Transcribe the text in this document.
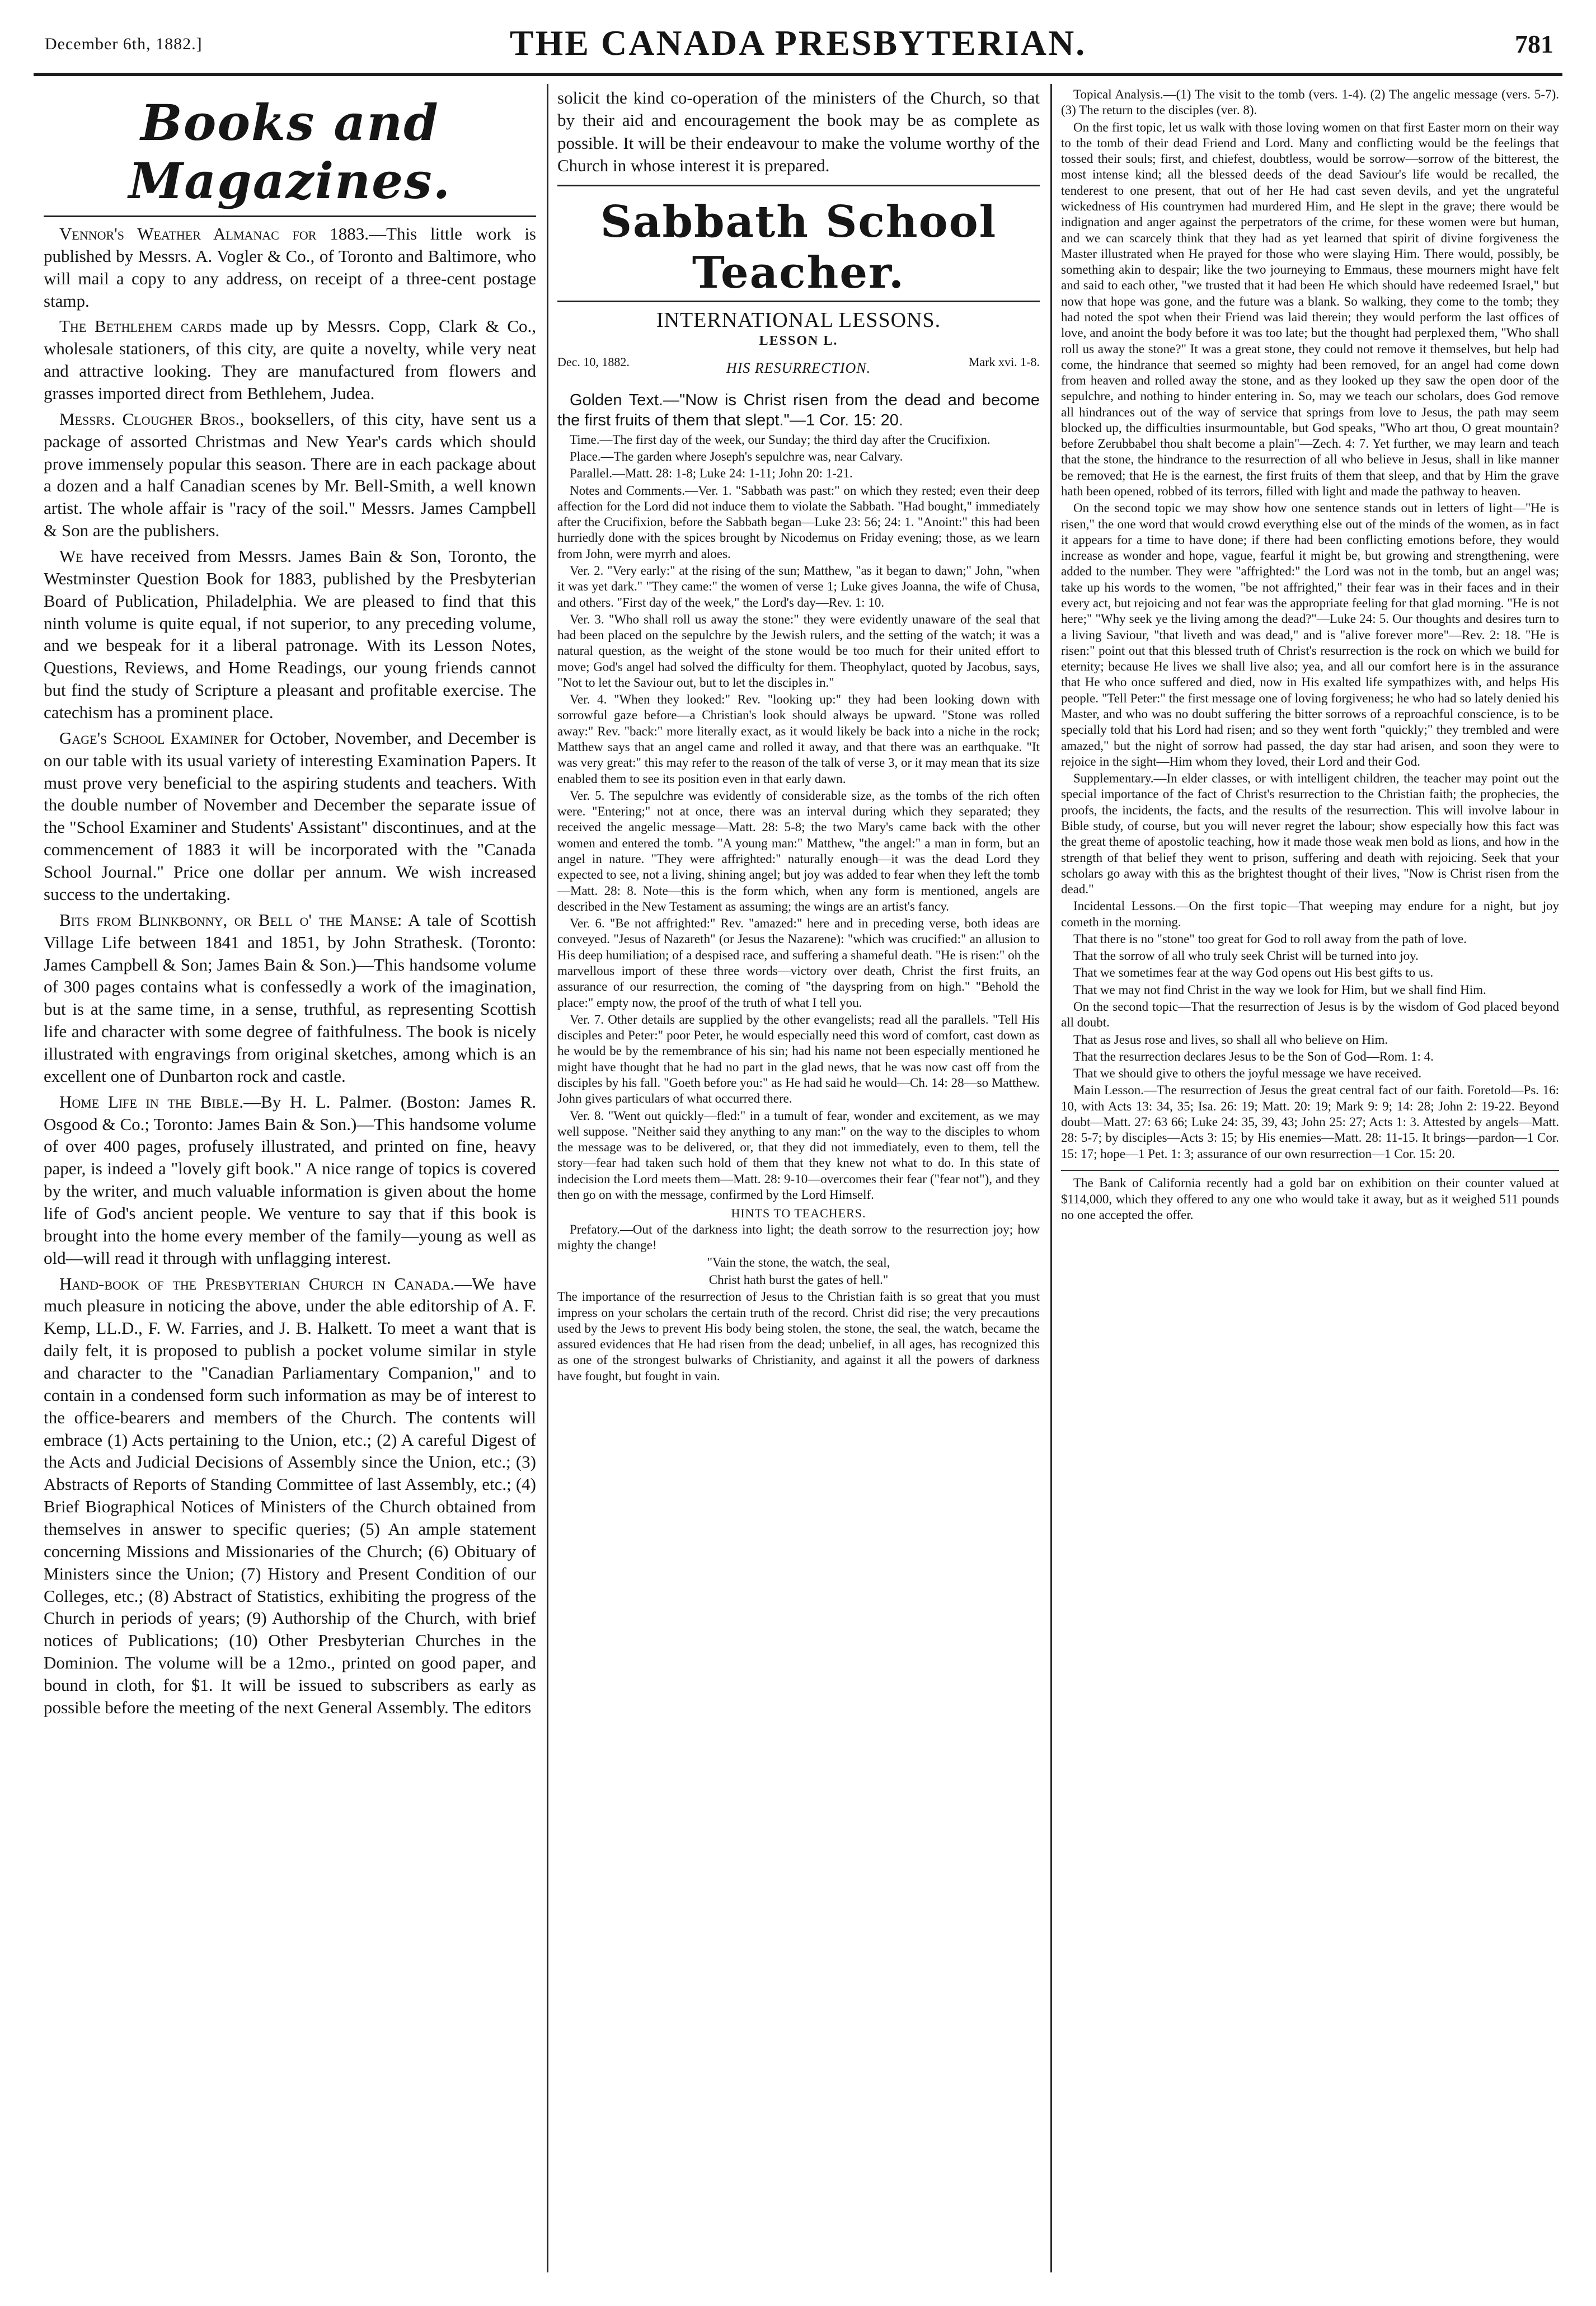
December 6th, 1882.]	THE CANADA PRESBYTERIAN.	781
Books and Magazines.

Vennor's Weather Almanac for 1883.—This little work is published by Messrs. A. Vogler & Co., of Toronto and Baltimore, who will mail a copy to any address, on receipt of a three-cent postage stamp.

The Bethlehem cards made up by Messrs. Copp, Clark & Co., wholesale stationers, of this city, are quite a novelty, while very neat and attractive looking. They are manufactured from flowers and grasses imported direct from Bethlehem, Judea.

Messrs. Clougher Bros., booksellers, of this city, have sent us a package of assorted Christmas and New Year's cards which should prove immensely popular this season. There are in each package about a dozen and a half Canadian scenes by Mr. Bell-Smith, a well known artist. The whole affair is "racy of the soil." Messrs. James Campbell & Son are the publishers.

We have received from Messrs. James Bain & Son, Toronto, the Westminster Question Book for 1883, published by the Presbyterian Board of Publication, Philadelphia. We are pleased to find that this ninth volume is quite equal, if not superior, to any preceding volume, and we bespeak for it a liberal patronage. With its Lesson Notes, Questions, Reviews, and Home Readings, our young friends cannot but find the study of Scripture a pleasant and profitable exercise. The catechism has a prominent place.

Gage's School Examiner for October, November, and December is on our table with its usual variety of interesting Examination Papers. It must prove very beneficial to the aspiring students and teachers. With the double number of November and December the separate issue of the "School Examiner and Students' Assistant" discontinues, and at the commencement of 1883 it will be incorporated with the "Canada School Journal." Price one dollar per annum. We wish increased success to the undertaking.

Bits from Blinkbonny, or Bell o' the Manse: A tale of Scottish Village Life between 1841 and 1851, by John Strathesk. (Toronto: James Campbell & Son; James Bain & Son.)—This handsome volume of 300 pages contains what is confessedly a work of the imagination, but is at the same time, in a sense, truthful, as representing Scottish life and character with some degree of faithfulness. The book is nicely illustrated with engravings from original sketches, among which is an excellent one of Dunbarton rock and castle.

Home Life in the Bible.—By H. L. Palmer. (Boston: James R. Osgood & Co.; Toronto: James Bain & Son.)—This handsome volume of over 400 pages, profusely illustrated, and printed on fine, heavy paper, is indeed a "lovely gift book." A nice range of topics is covered by the writer, and much valuable information is given about the home life of God's ancient people. We venture to say that if this book is brought into the home every member of the family—young as well as old—will read it through with unflagging interest.

Hand-book of the Presbyterian Church in Canada.—We have much pleasure in noticing the above, under the able editorship of A. F. Kemp, LL.D., F. W. Farries, and J. B. Halkett. To meet a want that is daily felt, it is proposed to publish a pocket volume similar in style and character to the "Canadian Parliamentary Companion," and to contain in a condensed form such information as may be of interest to the office-bearers and members of the Church. The contents will embrace (1) Acts pertaining to the Union, etc.; (2) A careful Digest of the Acts and Judicial Decisions of Assembly since the Union, etc.; (3) Abstracts of Reports of Standing Committee of last Assembly, etc.; (4) Brief Biographical Notices of Ministers of the Church obtained from themselves in answer to specific queries; (5) An ample statement concerning Missions and Missionaries of the Church; (6) Obituary of Ministers since the Union; (7) History and Present Condition of our Colleges, etc.; (8) Abstract of Statistics, exhibiting the progress of the Church in periods of years; (9) Authorship of the Church, with brief notices of Publications; (10) Other Presbyterian Churches in the Dominion. The volume will be a 12mo., printed on good paper, and bound in cloth, for $1. It will be issued to subscribers as early as possible before the meeting of the next General Assembly. The editors

solicit the kind co-operation of the ministers of the Church, so that by their aid and encouragement the book may be as complete as possible. It will be their endeavour to make the volume worthy of the Church in whose interest it is prepared.

Sabbath School Teacher.
INTERNATIONAL LESSONS.
LESSON L.
Dec. 10, 1882.	HIS RESURRECTION.	Mark xvi. 1-8.

Golden Text.—"Now is Christ risen from the dead and become the first fruits of them that slept."—1 Cor. 15: 20.

Time.—The first day of the week, our Sunday; the third day after the Crucifixion.

Place.—The garden where Joseph's sepulchre was, near Calvary.

Parallel.—Matt. 28: 1-8; Luke 24: 1-11; John 20: 1-21.

Notes and Comments.—Ver. 1. "Sabbath was past:" on which they rested; even their deep affection for the Lord did not induce them to violate the Sabbath. "Had bought," immediately after the Crucifixion, before the Sabbath began—Luke 23: 56; 24: 1. "Anoint:" this had been hurriedly done with the spices brought by Nicodemus on Friday evening; those, as we learn from John, were myrrh and aloes.

Ver. 2. "Very early:" at the rising of the sun; Matthew, "as it began to dawn;" John, "when it was yet dark." "They came:" the women of verse 1; Luke gives Joanna, the wife of Chusa, and others. "First day of the week," the Lord's day—Rev. 1: 10.

Ver. 3. "Who shall roll us away the stone:" they were evidently unaware of the seal that had been placed on the sepulchre by the Jewish rulers, and the setting of the watch; it was a natural question, as the weight of the stone would be too much for their united effort to move; God's angel had solved the difficulty for them. Theophylact, quoted by Jacobus, says, "Not to let the Saviour out, but to let the disciples in."

Ver. 4. "When they looked:" Rev. "looking up:" they had been looking down with sorrowful gaze before—a Christian's look should always be upward. "Stone was rolled away:" Rev. "back:" more literally exact, as it would likely be back into a niche in the rock; Matthew says that an angel came and rolled it away, and that there was an earthquake. "It was very great:" this may refer to the reason of the talk of verse 3, or it may mean that its size enabled them to see its position even in that early dawn.

Ver. 5. The sepulchre was evidently of considerable size, as the tombs of the rich often were. "Entering;" not at once, there was an interval during which they separated; they received the angelic message—Matt. 28: 5-8; the two Mary's came back with the other women and entered the tomb. "A young man:" Matthew, "the angel:" a man in form, but an angel in nature. "They were affrighted:" naturally enough—it was the dead Lord they expected to see, not a living, shining angel; but joy was added to fear when they left the tomb—Matt. 28: 8. Note—this is the form which, when any form is mentioned, angels are described in the New Testament as assuming; the wings are an artist's fancy.

Ver. 6. "Be not affrighted:" Rev. "amazed:" here and in preceding verse, both ideas are conveyed. "Jesus of Nazareth" (or Jesus the Nazarene): "which was crucified:" an allusion to His deep humiliation; of a despised race, and suffering a shameful death. "He is risen:" oh the marvellous import of these three words—victory over death, Christ the first fruits, an assurance of our resurrection, the coming of "the dayspring from on high." "Behold the place:" empty now, the proof of the truth of what I tell you.

Ver. 7. Other details are supplied by the other evangelists; read all the parallels. "Tell His disciples and Peter:" poor Peter, he would especially need this word of comfort, cast down as he would be by the remembrance of his sin; had his name not been especially mentioned he might have thought that he had no part in the glad news, that he was now cast off from the disciples by his fall. "Goeth before you:" as He had said he would—Ch. 14: 28—so Matthew. John gives particulars of what occurred there.

Ver. 8. "Went out quickly—fled:" in a tumult of fear, wonder and excitement, as we may well suppose. "Neither said they anything to any man:" on the way to the disciples to whom the message was to be delivered, or, that they did not immediately, even to them, tell the story—fear had taken such hold of them that they knew not what to do. In this state of indecision the Lord meets them—Matt. 28: 9-10—overcomes their fear ("fear not"), and they then go on with the message, confirmed by the Lord Himself.

HINTS TO TEACHERS.

Prefatory.—Out of the darkness into light; the death sorrow to the resurrection joy; how mighty the change!

"Vain the stone, the watch, the seal,
Christ hath burst the gates of hell."

The importance of the resurrection of Jesus to the Christian faith is so great that you must impress on your scholars the certain truth of the record. Christ did rise; the very precautions used by the Jews to prevent His body being stolen, the stone, the seal, the watch, became the assured evidences that He had risen from the dead; unbelief, in all ages, has recognized this as one of the strongest bulwarks of Christianity, and against it all the powers of darkness have fought, but fought in vain.

Topical Analysis.—(1) The visit to the tomb (vers. 1-4). (2) The angelic message (vers. 5-7). (3) The return to the disciples (ver. 8).

On the first topic, let us walk with those loving women on that first Easter morn on their way to the tomb of their dead Friend and Lord. Many and conflicting would be the feelings that tossed their souls; first, and chiefest, doubtless, would be sorrow—sorrow of the bitterest, the most intense kind; all the blessed deeds of the dead Saviour's life would be recalled, the tenderest to one present, that out of her He had cast seven devils, and yet the ungrateful wickedness of His countrymen had murdered Him, and He slept in the grave; there would be indignation and anger against the perpetrators of the crime, for these women were but human, and we can scarcely think that they had as yet learned that spirit of divine forgiveness the Master illustrated when He prayed for those who were slaying Him. There would, possibly, be something akin to despair; like the two journeying to Emmaus, these mourners might have felt and said to each other, "we trusted that it had been He which should have redeemed Israel," but now that hope was gone, and the future was a blank. So walking, they come to the tomb; they had noted the spot when their Friend was laid therein; they would perform the last offices of love, and anoint the body before it was too late; but the thought had perplexed them, "Who shall roll us away the stone?" It was a great stone, they could not remove it themselves, but help had come, the hindrance that seemed so mighty had been removed, for an angel had come down from heaven and rolled away the stone, and as they looked up they saw the open door of the sepulchre, and nothing to hinder entering in. So, may we teach our scholars, does God remove all hindrances out of the way of service that springs from love to Jesus, the path may seem blocked up, the difficulties insurmountable, but God speaks, "Who art thou, O great mountain? before Zerubbabel thou shalt become a plain"—Zech. 4: 7. Yet further, we may learn and teach that the stone, the hindrance to the resurrection of all who believe in Jesus, shall in like manner be removed; that He is the earnest, the first fruits of them that sleep, and that by Him the grave hath been opened, robbed of its terrors, filled with light and made the pathway to heaven.

On the second topic we may show how one sentence stands out in letters of light—"He is risen," the one word that would crowd everything else out of the minds of the women, as in fact it appears for a time to have done; if there had been conflicting emotions before, they would increase as wonder and hope, vague, fearful it might be, but growing and strengthening, were added to the number. They were "affrighted:" the Lord was not in the tomb, but an angel was; take up his words to the women, "be not affrighted," their fear was in their faces and in their every act, but rejoicing and not fear was the appropriate feeling for that glad morning. "He is not here;" "Why seek ye the living among the dead?"—Luke 24: 5. Our thoughts and desires turn to a living Saviour, "that liveth and was dead," and is "alive forever more"—Rev. 2: 18. "He is risen:" point out that this blessed truth of Christ's resurrection is the rock on which we build for eternity; because He lives we shall live also; yea, and all our comfort here is in the assurance that He who once suffered and died, now in His exalted life sympathizes with, and helps His people. "Tell Peter:" the first message one of loving forgiveness; he who had so lately denied his Master, and who was no doubt suffering the bitter sorrows of a reproachful conscience, is to be specially told that his Lord had risen; and so they went forth "quickly;" they trembled and were amazed," but the night of sorrow had passed, the day star had arisen, and soon they were to rejoice in the sight—Him whom they loved, their Lord and their God.

Supplementary.—In elder classes, or with intelligent children, the teacher may point out the special importance of the fact of Christ's resurrection to the Christian faith; the prophecies, the proofs, the incidents, the facts, and the results of the resurrection. This will involve labour in Bible study, of course, but you will never regret the labour; show especially how this fact was the great theme of apostolic teaching, how it made those weak men bold as lions, and how in the strength of that belief they went to prison, suffering and death with rejoicing. Seek that your scholars go away with this as the brightest thought of their lives, "Now is Christ risen from the dead."

Incidental Lessons.—On the first topic—That weeping may endure for a night, but joy cometh in the morning.

That there is no "stone" too great for God to roll away from the path of love.

That the sorrow of all who truly seek Christ will be turned into joy.

That we sometimes fear at the way God opens out His best gifts to us.

That we may not find Christ in the way we look for Him, but we shall find Him.

On the second topic—That the resurrection of Jesus is by the wisdom of God placed beyond all doubt.

That as Jesus rose and lives, so shall all who believe on Him.

That the resurrection declares Jesus to be the Son of God—Rom. 1: 4.

That we should give to others the joyful message we have received.

Main Lesson.—The resurrection of Jesus the great central fact of our faith. Foretold—Ps. 16: 10, with Acts 13: 34, 35; Isa. 26: 19; Matt. 20: 19; Mark 9: 9; 14: 28; John 2: 19-22. Beyond doubt—Matt. 27: 63 66; Luke 24: 35, 39, 43; John 25: 27; Acts 1: 3. Attested by angels—Matt. 28: 5-7; by disciples—Acts 3: 15; by His enemies—Matt. 28: 11-15. It brings—pardon—1 Cor. 15: 17; hope—1 Pet. 1: 3; assurance of our own resurrection—1 Cor. 15: 20.

The Bank of California recently had a gold bar on exhibition on their counter valued at $114,000, which they offered to any one who would take it away, but as it weighed 511 pounds no one accepted the offer.
